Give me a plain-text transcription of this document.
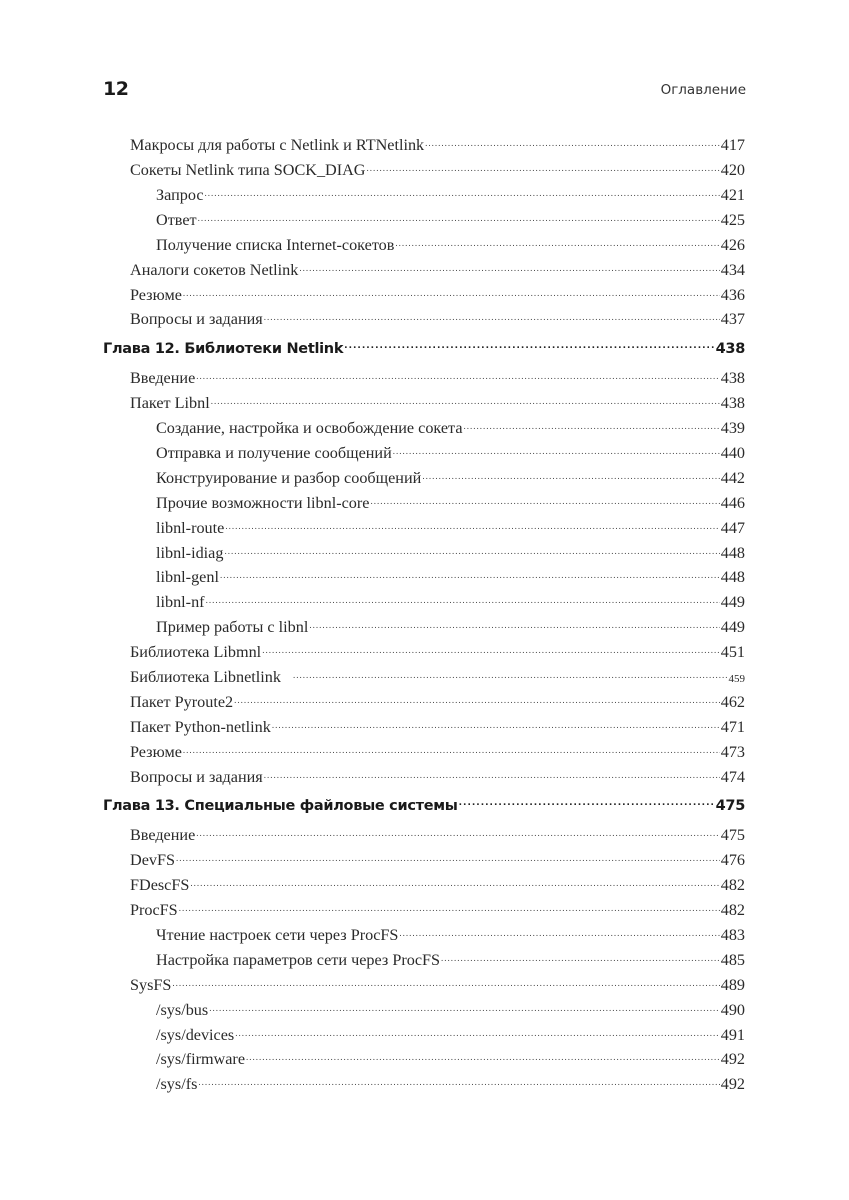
12	Оглавление
Макросы для работы с Netlink и RTNetlink .....	417
Сокеты Netlink типа SOCK_DIAG .....	420
Запрос .....	421
Ответ .....	425
Получение списка Internet-сокетов .....	426
Аналоги сокетов Netlink .....	434
Резюме .....	436
Вопросы и задания .....	437
Глава 12. Библиотеки Netlink .....	438
Введение .....	438
Пакет Libnl .....	438
Создание, настройка и освобождение сокета .....	439
Отправка и получение сообщений .....	440
Конструирование и разбор сообщений .....	442
Прочие возможности libnl-core .....	446
libnl-route .....	447
libnl-idiag .....	448
libnl-genl .....	448
libnl-nf .....	449
Пример работы с libnl .....	449
Библиотека Libmnl .....	451
Библиотека Libnetlink .....	459
Пакет Pyroute2 .....	462
Пакет Python-netlink .....	471
Резюме .....	473
Вопросы и задания .....	474
Глава 13. Специальные файловые системы .....	475
Введение .....	475
DevFS .....	476
FDescFS .....	482
ProcFS .....	482
Чтение настроек сети через ProcFS .....	483
Настройка параметров сети через ProcFS .....	485
SysFS .....	489
/sys/bus .....	490
/sys/devices .....	491
/sys/firmware .....	492
/sys/fs .....	492
